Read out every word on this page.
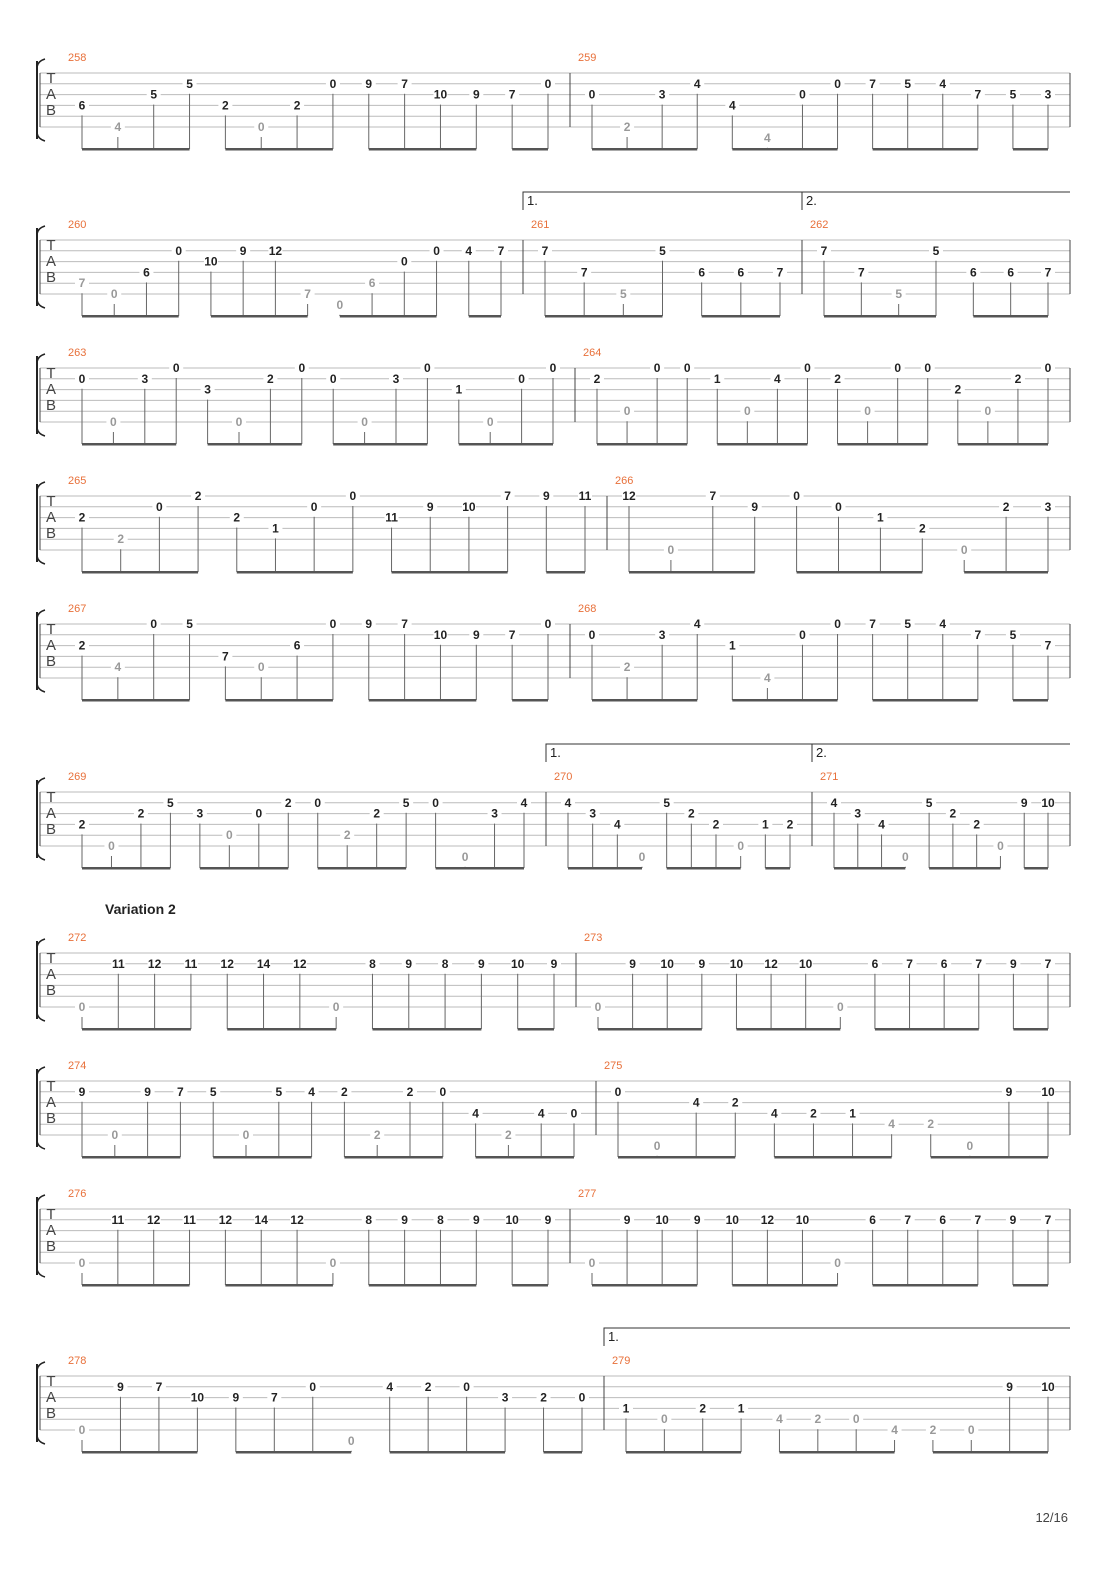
T
A
B
258
6
4
5
5
2
0
2
0 9 7
10 9 7
0
259
0
2
3
4
4
4
0
0 7 5 4
7 5 3
T
A
B
260
7
0
6
0
10
9 12
7
0
6
0
0 4 7
261
7
7
5
5
6	6	7
262
7
7
5
5
6	6	7
1.	2.
T
A
B
263
0
0
3
0
3
0
2
0
0
0
3
0
1
0
0
0
264
2
0
0 0
1
0
4
0
2
0
0 0
2
0
2
0
T
A
B
265
2
2
0
2
2
1
0
0
11
9 10
7	9 11
266
12
0
7
9
0
0
1
2
0
2	3
T
A
B
267
2
4
0 5
7
0
6
0 9 7
10 9 7
0
268
0
2
3
4
1
4
0
0 7 5 4
7 5
7
T
A
B
269
2
0
2
5
3
0
0
2 0
2
2
5 0
0
3
4
270
4
3
4
0
5
2
2
0
1 2
271
4
3
4
0
5
2
2
0
9 10
1.	2.
T
A
B
272
0
11 12 11 12 14 12
0
8 9 8 9 10 9
273
0
9 10 9 10 12 10
0
6 7 6 7 9 7
T
A
B
274
9
0
9 7 5
0
5 4 2
2
2 0
4
2
4 0
275
0
0
4	2
4	2	1
4	2
0
9 10
T
A
B
276
0
11 12 11 12 14 12
0
8 9 8 9 10 9
277
0
9 10 9 10 12 10
0
6 7 6 7 9 7
T
A
B
278
0
9	7
10 9	7
0
0
4	2	0
3	2	0
279
1
0
2	1
4	2	0
4	2	0
9 10
1.
Variation 2
12/16
